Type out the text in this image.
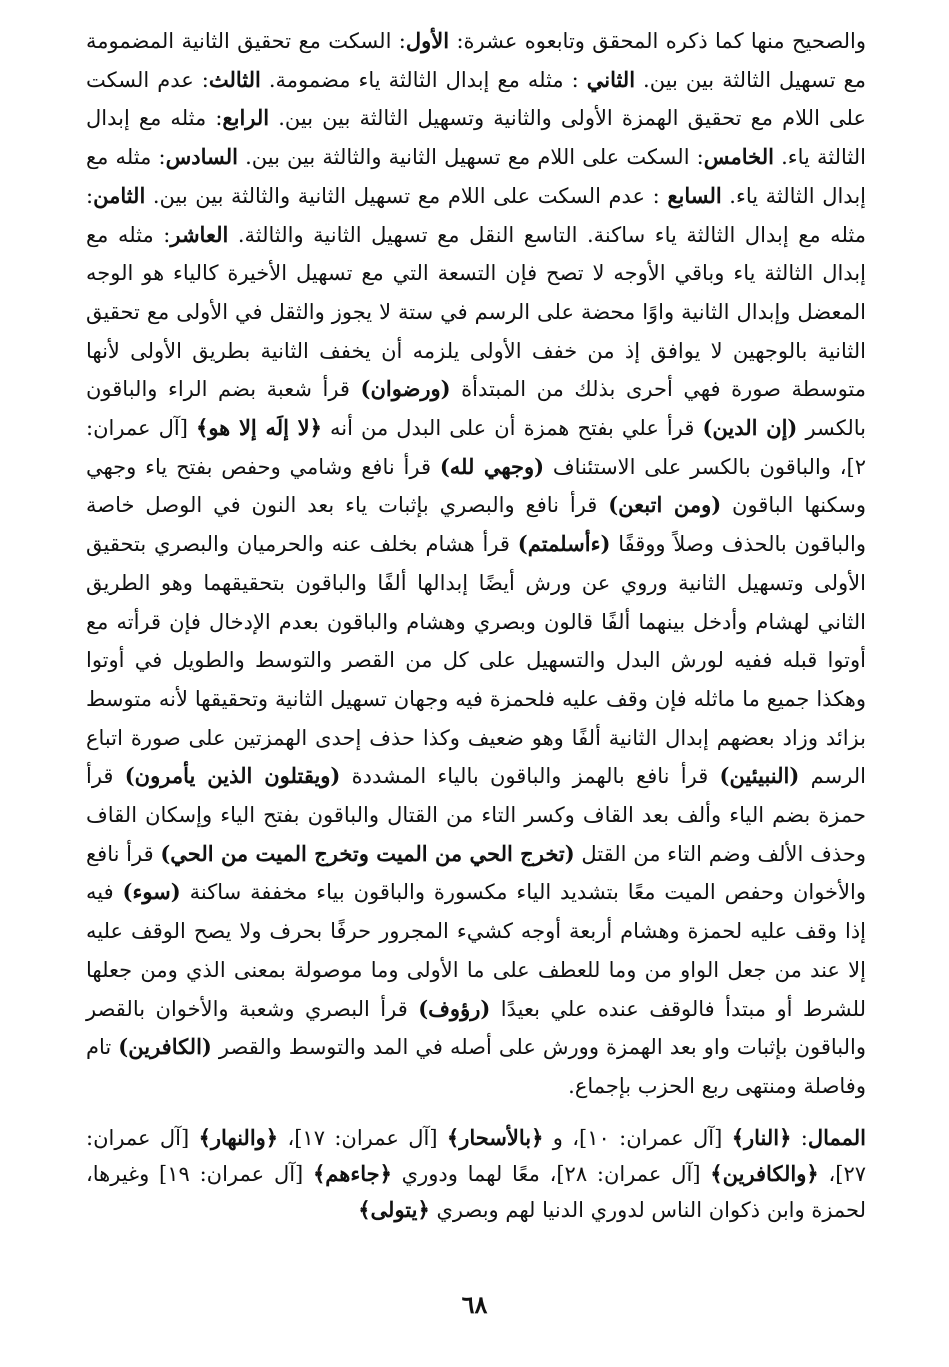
والصحيح منها كما ذكره المحقق وتابعوه عشرة: الأول: السكت مع تحقيق الثانية المضمومة مع تسهيل الثالثة بين بين. الثاني : مثله مع إبدال الثالثة ياء مضمومة. الثالث: عدم السكت على اللام مع تحقيق الهمزة الأولى والثانية وتسهيل الثالثة بين بين. الرابع: مثله مع إبدال الثالثة ياء. الخامس: السكت على اللام مع تسهيل الثانية والثالثة بين بين. السادس: مثله مع إبدال الثالثة ياء. السابع : عدم السكت على اللام مع تسهيل الثانية والثالثة بين بين. الثامن: مثله مع إبدال الثالثة ياء ساكنة. التاسع النقل مع تسهيل الثانية والثالثة. العاشر: مثله مع إبدال الثالثة ياء وباقي الأوجه لا تصح فإن التسعة التي مع تسهيل الأخيرة كالياء هو الوجه المعضل وإبدال الثانية واوًا محضة على الرسم في ستة لا يجوز والثقل في الأولى مع تحقيق الثانية بالوجهين لا يوافق إذ من خفف الأولى يلزمه أن يخفف الثانية بطريق الأولى لأنها متوسطة صورة فهي أحرى بذلك من المبتدأة (ورضوان) قرأ شعبة بضم الراء والباقون بالكسر (إن الدين) قرأ علي بفتح همزة أن على البدل من أنه ﴿لا إلَه إلا هو﴾ [آل عمران: ٢]، والباقون بالكسر على الاستئناف (وجهي لله) قرأ نافع وشامي وحفص بفتح ياء وجهي وسكنها الباقون (ومن اتبعن) قرأ نافع والبصري بإثبات ياء بعد النون في الوصل خاصة والباقون بالحذف وصلاً ووقفًا (ءأسلمتم) قرأ هشام بخلف عنه والحرميان والبصري بتحقيق الأولى وتسهيل الثانية وروي عن ورش أيضًا إبدالها ألفًا والباقون بتحقيقهما وهو الطريق الثاني لهشام وأدخل بينهما ألفًا قالون وبصري وهشام والباقون بعدم الإدخال فإن قرأته مع أوتوا قبله ففيه لورش البدل والتسهيل على كل من القصر والتوسط والطويل في أوتوا وهكذا جميع ما ماثله فإن وقف عليه فلحمزة فيه وجهان تسهيل الثانية وتحقيقها لأنه متوسط بزائد وزاد بعضهم إبدال الثانية ألفًا وهو ضعيف وكذا حذف إحدى الهمزتين على صورة اتباع الرسم (النبيئين) قرأ نافع بالهمز والباقون بالياء المشددة (ويقتلون الذين يأمرون) قرأ حمزة بضم الياء وألف بعد القاف وكسر التاء من القتال والباقون بفتح الياء وإسكان القاف وحذف الألف وضم التاء من القتل (تخرج الحي من الميت وتخرج الميت من الحي) قرأ نافع والأخوان وحفص الميت معًا بتشديد الياء مكسورة والباقون بياء مخففة ساكنة (سوء) فيه إذا وقف عليه لحمزة وهشام أربعة أوجه كشيء المجرور حرفًا بحرف ولا يصح الوقف عليه إلا عند من جعل الواو من وما للعطف على ما الأولى وما موصولة بمعنى الذي ومن جعلها للشرط أو مبتدأ فالوقف عنده علي بعيدًا (رؤوف) قرأ البصري وشعبة والأخوان بالقصر والباقون بإثبات واو بعد الهمزة وورش على أصله في المد والتوسط والقصر (الكافرين) تام وفاصلة ومنتهى ربع الحزب بإجماع.

الممال: ﴿النار﴾ [آل عمران: ١٠]، و ﴿بالأسحار﴾ [آل عمران: ١٧]، ﴿والنهار﴾ [آل عمران: ٢٧]، ﴿والكافرين﴾ [آل عمران: ٢٨]، معًا لهما ودوري ﴿جاءهم﴾ [آل عمران: ١٩] وغيرها، لحمزة وابن ذكوان الناس لدوري الدنيا لهم وبصري ﴿يتولى﴾

٦٨
